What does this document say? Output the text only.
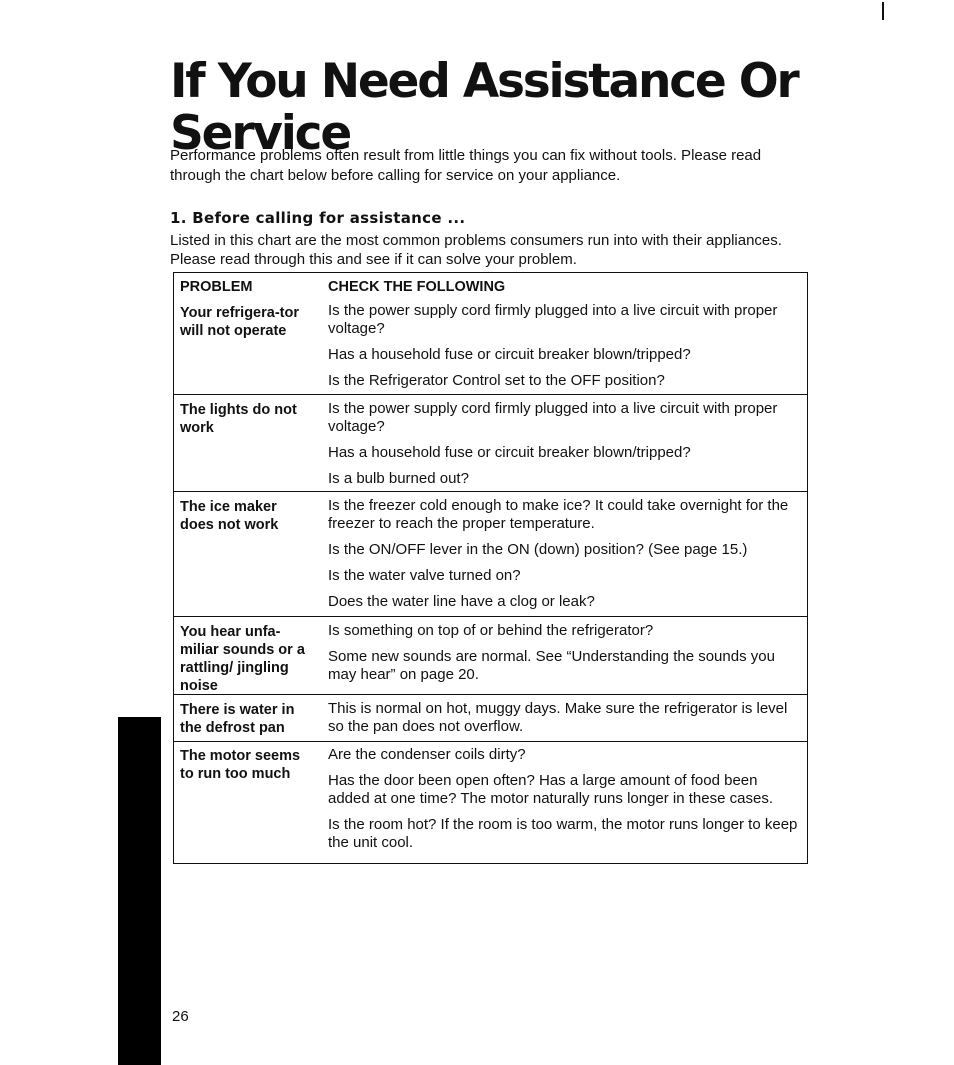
If You Need Assistance Or Service

Performance problems often result from little things you can fix without tools. Please read through the chart below before calling for service on your appliance.

1. Before calling for assistance ...

Listed in this chart are the most common problems consumers run into with their appliances. Please read through this and see if it can solve your problem.

PROBLEM	CHECK THE FOLLOWING
Your refrigera-tor will not operate

Is the power supply cord firmly plugged into a live circuit with proper voltage?

Has a household fuse or circuit breaker blown/tripped?

Is the Refrigerator Control set to the OFF position?

The lights do not work

Is the power supply cord firmly plugged into a live circuit with proper voltage?

Has a household fuse or circuit breaker blown/tripped?

Is a bulb burned out?

The ice maker does not work

Is the freezer cold enough to make ice? It could take overnight for the freezer to reach the proper temperature.

Is the ON/OFF lever in the ON (down) position? (See page 15.)

Is the water valve turned on?

Does the water line have a clog or leak?

You hear unfa-miliar sounds or a rattling/ jingling noise

Is something on top of or behind the refrigerator?

Some new sounds are normal. See “Understanding the sounds you may hear” on page 20.

There is water in the defrost pan

This is normal on hot, muggy days. Make sure the refrigerator is level so the pan does not overflow.

The motor seems to run too much

Are the condenser coils dirty?

Has the door been open often? Has a large amount of food been added at one time? The motor naturally runs longer in these cases.

Is the room hot? If the room is too warm, the motor runs longer to keep the unit cool.

26
